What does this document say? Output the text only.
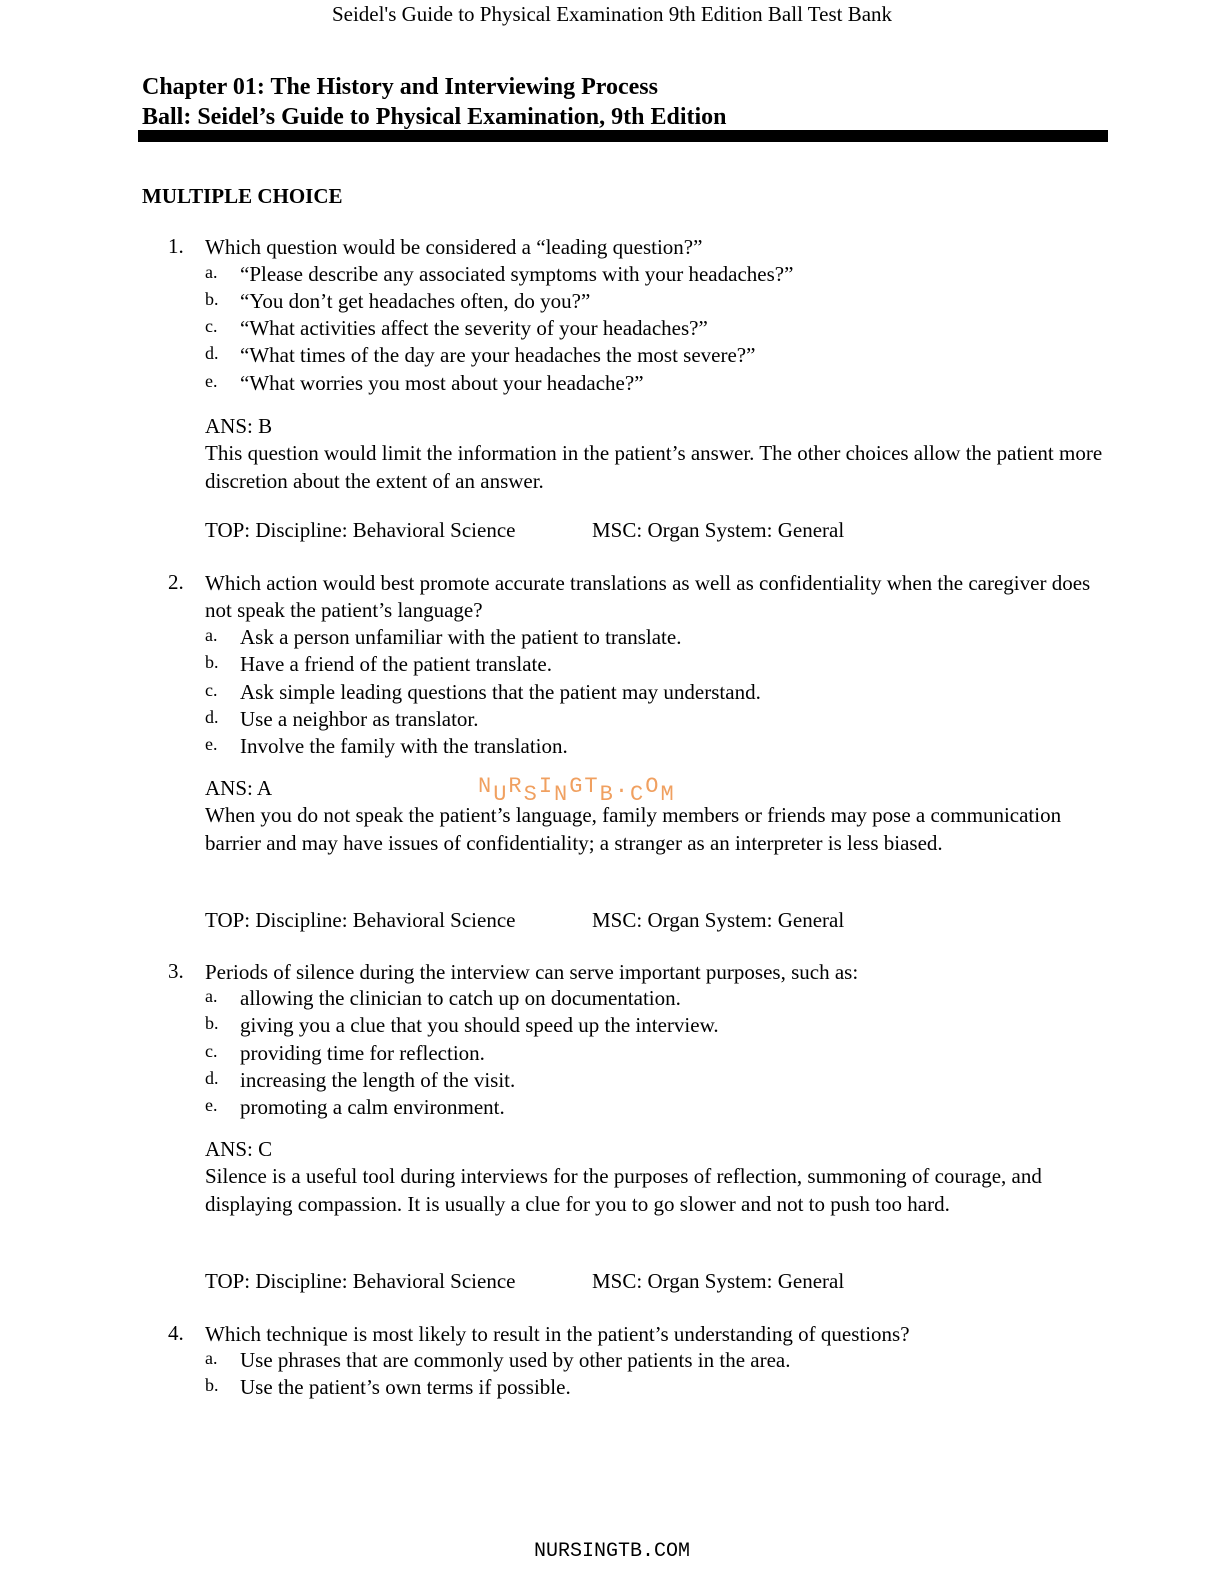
Seidel's Guide to Physical Examination 9th Edition Ball Test Bank
Chapter 01: The History and Interviewing Process
Ball: Seidel’s Guide to Physical Examination, 9th Edition
MULTIPLE CHOICE
1. Which question would be considered a “leading question?”
a. “Please describe any associated symptoms with your headaches?”
b. “You don’t get headaches often, do you?”
c. “What activities affect the severity of your headaches?”
d. “What times of the day are your headaches the most severe?”
e. “What worries you most about your headache?”
ANS: B
This question would limit the information in the patient’s answer. The other choices allow the patient more discretion about the extent of an answer.
TOP: Discipline: Behavioral Science	MSC: Organ System: General
2. Which action would best promote accurate translations as well as confidentiality when the caregiver does not speak the patient’s language?
a. Ask a person unfamiliar with the patient to translate.
b. Have a friend of the patient translate.
c. Ask simple leading questions that the patient may understand.
d. Use a neighbor as translator.
e. Involve the family with the translation.
ANS: A
When you do not speak the patient’s language, family members or friends may pose a communication barrier and may have issues of confidentiality; a stranger as an interpreter is less biased.
TOP: Discipline: Behavioral Science	MSC: Organ System: General
3. Periods of silence during the interview can serve important purposes, such as:
a. allowing the clinician to catch up on documentation.
b. giving you a clue that you should speed up the interview.
c. providing time for reflection.
d. increasing the length of the visit.
e. promoting a calm environment.
ANS: C
Silence is a useful tool during interviews for the purposes of reflection, summoning of courage, and displaying compassion. It is usually a clue for you to go slower and not to push too hard.
TOP: Discipline: Behavioral Science	MSC: Organ System: General
4. Which technique is most likely to result in the patient’s understanding of questions?
a. Use phrases that are commonly used by other patients in the area.
b. Use the patient’s own terms if possible.
NURSINGTB.COM
NURSINGTB.COM
